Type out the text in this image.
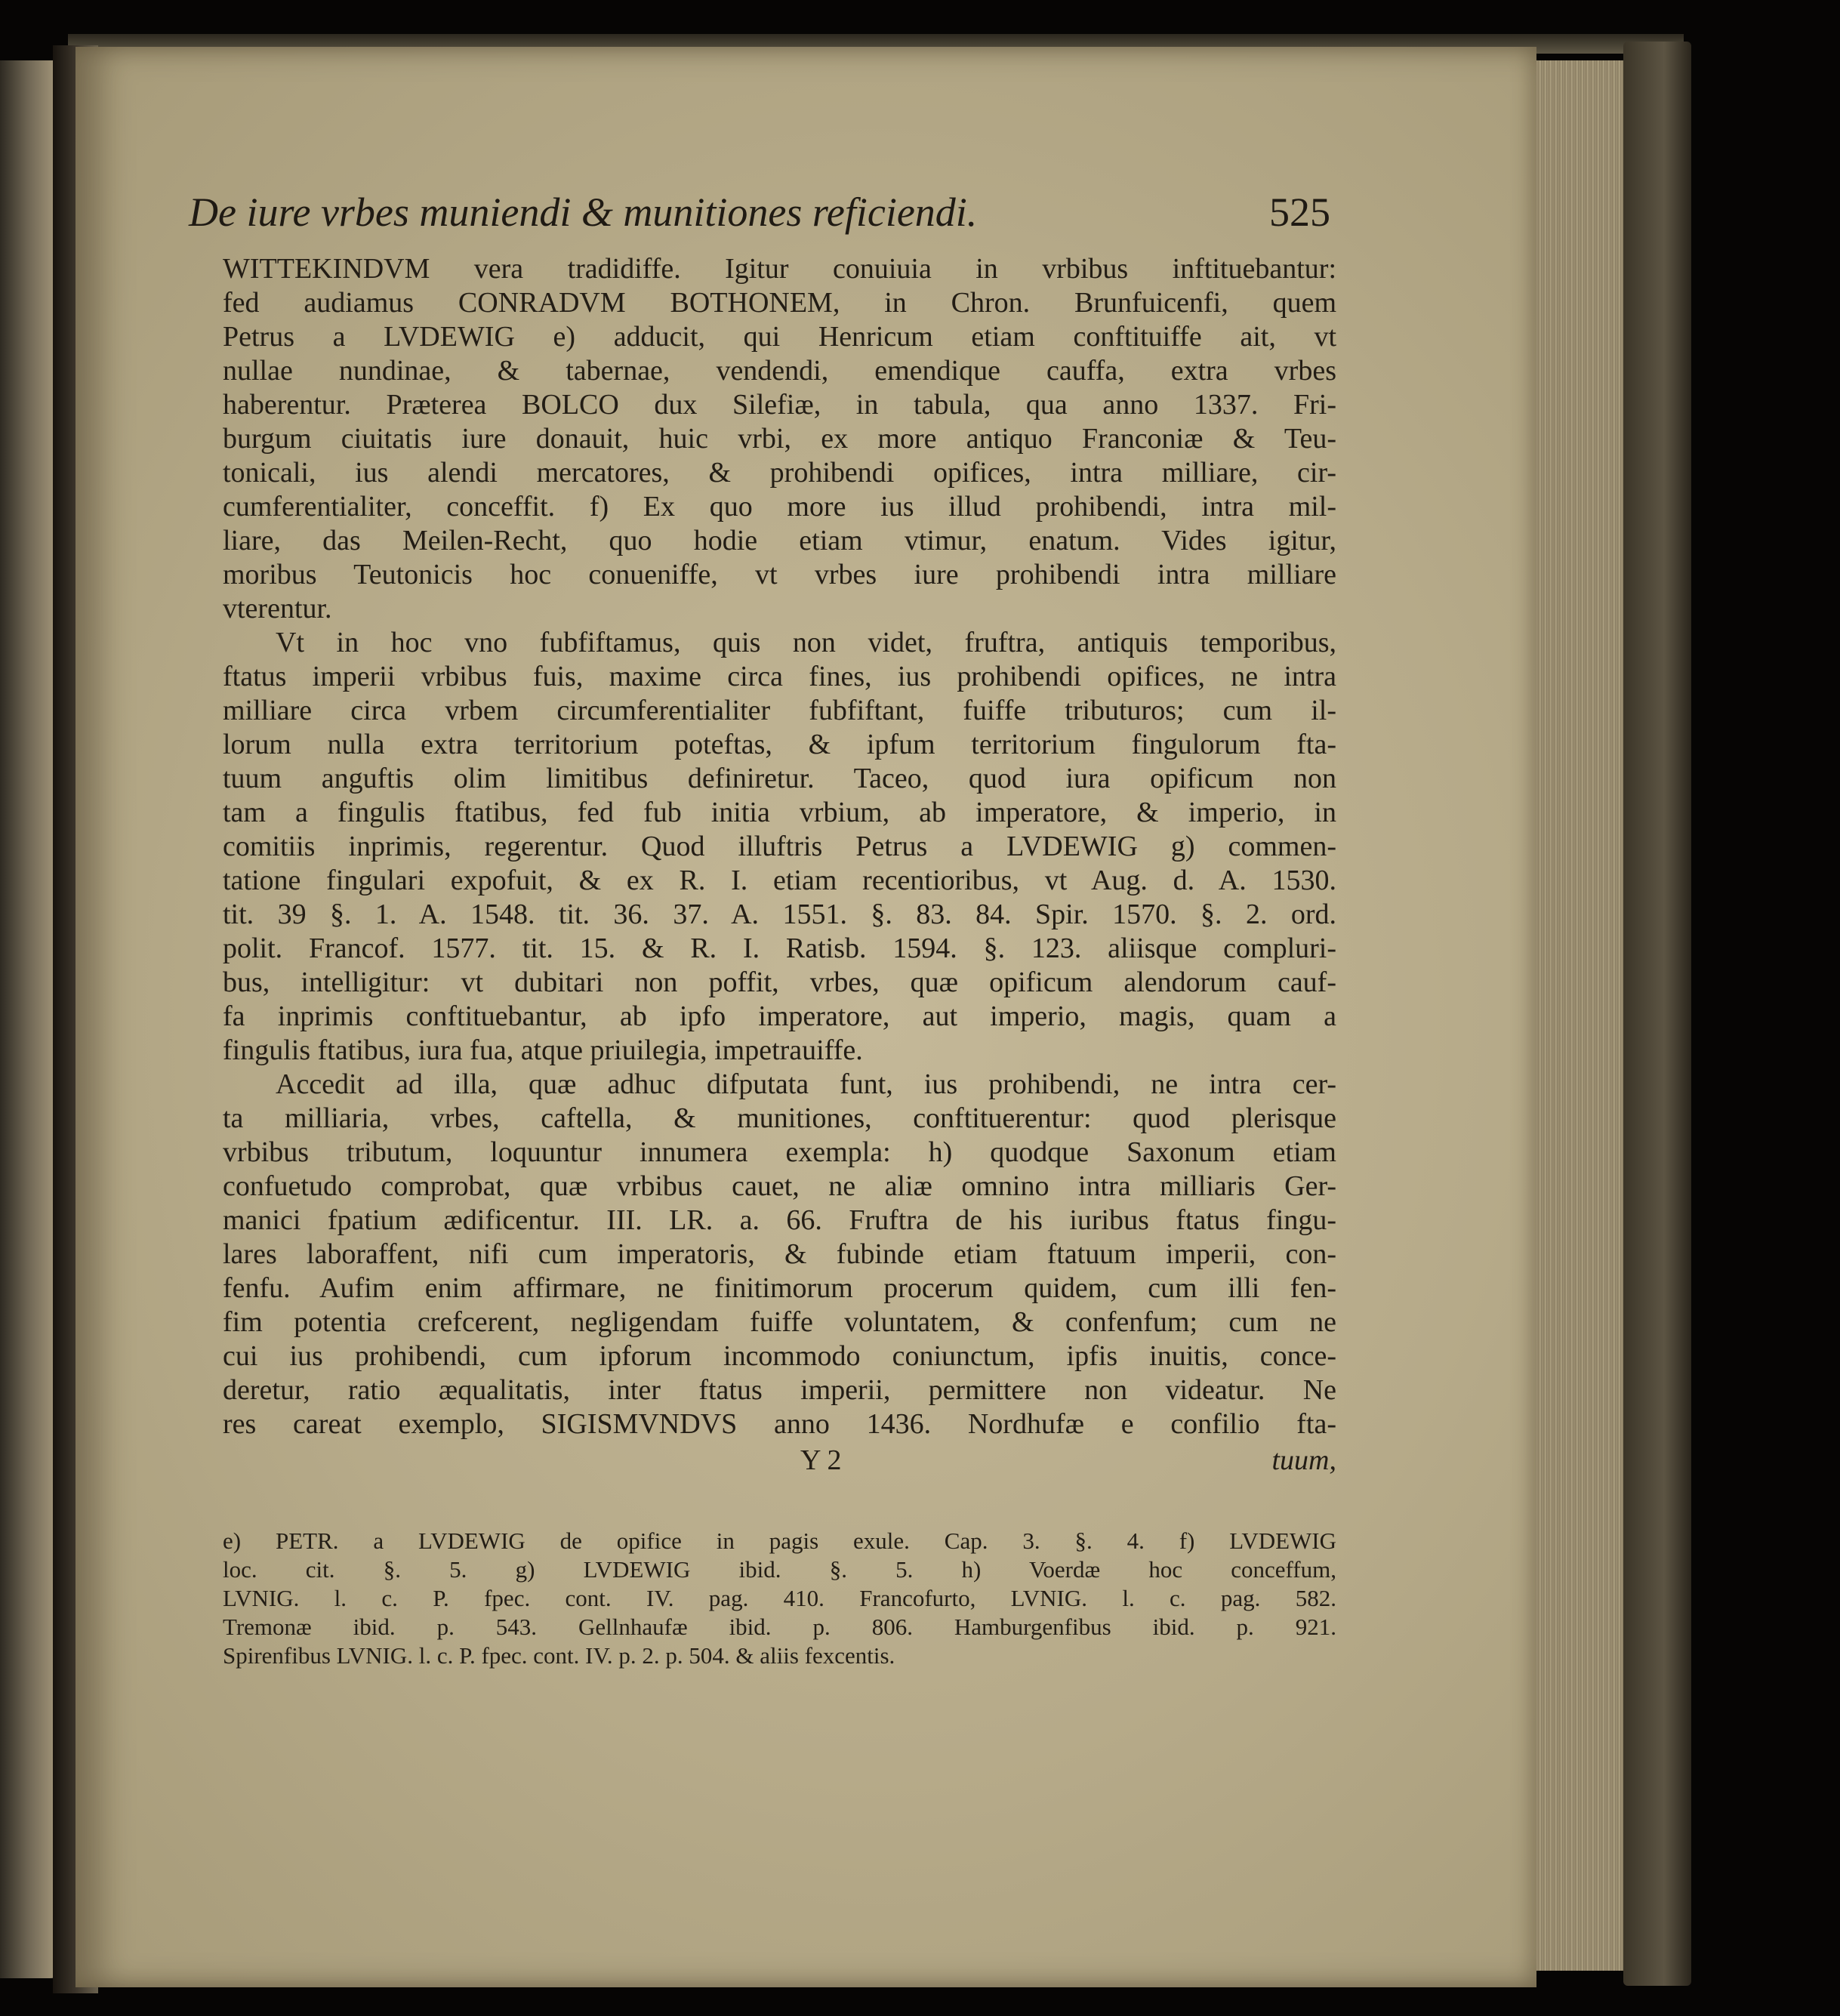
De iure vrbes muniendi & munitiones reficiendi.	525
WITTEKINDVM vera tradidiffe. Igitur conuiuia in vrbibus inftituebantur:
fed audiamus CONRADVM BOTHONEM, in Chron. Brunfuicenfi, quem
Petrus a LVDEWIG e) adducit, qui Henricum etiam conftituiffe ait, vt
nullae nundinae, & tabernae, vendendi, emendique cauffa, extra vrbes
haberentur. Præterea BOLCO dux Silefiæ, in tabula, qua anno 1337. Fri-
burgum ciuitatis iure donauit, huic vrbi, ex more antiquo Franconiæ & Teu-
tonicali, ius alendi mercatores, & prohibendi opifices, intra milliare, cir-
cumferentialiter, conceffit. f) Ex quo more ius illud prohibendi, intra mil-
liare, das Meilen-Recht, quo hodie etiam vtimur, enatum. Vides igitur,
moribus Teutonicis hoc conueniffe, vt vrbes iure prohibendi intra milliare
vterentur.
Vt in hoc vno fubfiftamus, quis non videt, fruftra, antiquis temporibus,
ftatus imperii vrbibus fuis, maxime circa fines, ius prohibendi opifices, ne intra
milliare circa vrbem circumferentialiter fubfiftant, fuiffe tributuros; cum il-
lorum nulla extra territorium poteftas, & ipfum territorium fingulorum fta-
tuum anguftis olim limitibus definiretur. Taceo, quod iura opificum non
tam a fingulis ftatibus, fed fub initia vrbium, ab imperatore, & imperio, in
comitiis inprimis, regerentur. Quod illuftris Petrus a LVDEWIG g) commen-
tatione fingulari expofuit, & ex R. I. etiam recentioribus, vt Aug. d. A. 1530.
tit. 39 §. 1. A. 1548. tit. 36. 37. A. 1551. §. 83. 84. Spir. 1570. §. 2. ord.
polit. Francof. 1577. tit. 15. & R. I. Ratisb. 1594. §. 123. aliisque compluri-
bus, intelligitur: vt dubitari non poffit, vrbes, quæ opificum alendorum cauf-
fa inprimis conftituebantur, ab ipfo imperatore, aut imperio, magis, quam a
fingulis ftatibus, iura fua, atque priuilegia, impetrauiffe.
Accedit ad illa, quæ adhuc difputata funt, ius prohibendi, ne intra cer-
ta milliaria, vrbes, caftella, & munitiones, conftituerentur: quod plerisque
vrbibus tributum, loquuntur innumera exempla: h) quodque Saxonum etiam
confuetudo comprobat, quæ vrbibus cauet, ne aliæ omnino intra milliaris Ger-
manici fpatium ædificentur. III. LR. a. 66. Fruftra de his iuribus ftatus fingu-
lares laboraffent, nifi cum imperatoris, & fubinde etiam ftatuum imperii, con-
fenfu. Aufim enim affirmare, ne finitimorum procerum quidem, cum illi fen-
fim potentia crefcerent, negligendam fuiffe voluntatem, & confenfum; cum ne
cui ius prohibendi, cum ipforum incommodo coniunctum, ipfis inuitis, conce-
deretur, ratio æqualitatis, inter ftatus imperii, permittere non videatur. Ne
res careat exemplo, SIGISMVNDVS anno 1436. Nordhufæ e confilio fta-
Y 2	tuum,
e) PETR. a LVDEWIG de opifice in pagis exule. Cap. 3. §. 4. f) LVDEWIG
loc. cit. §. 5. g) LVDEWIG ibid. §. 5. h) Voerdæ hoc conceffum,
LVNIG. l. c. P. fpec. cont. IV. pag. 410. Francofurto, LVNIG. l. c. pag. 582.
Tremonæ ibid. p. 543. Gellnhaufæ ibid. p. 806. Hamburgenfibus ibid. p. 921.
Spirenfibus LVNIG. l. c. P. fpec. cont. IV. p. 2. p. 504. & aliis fexcentis.
